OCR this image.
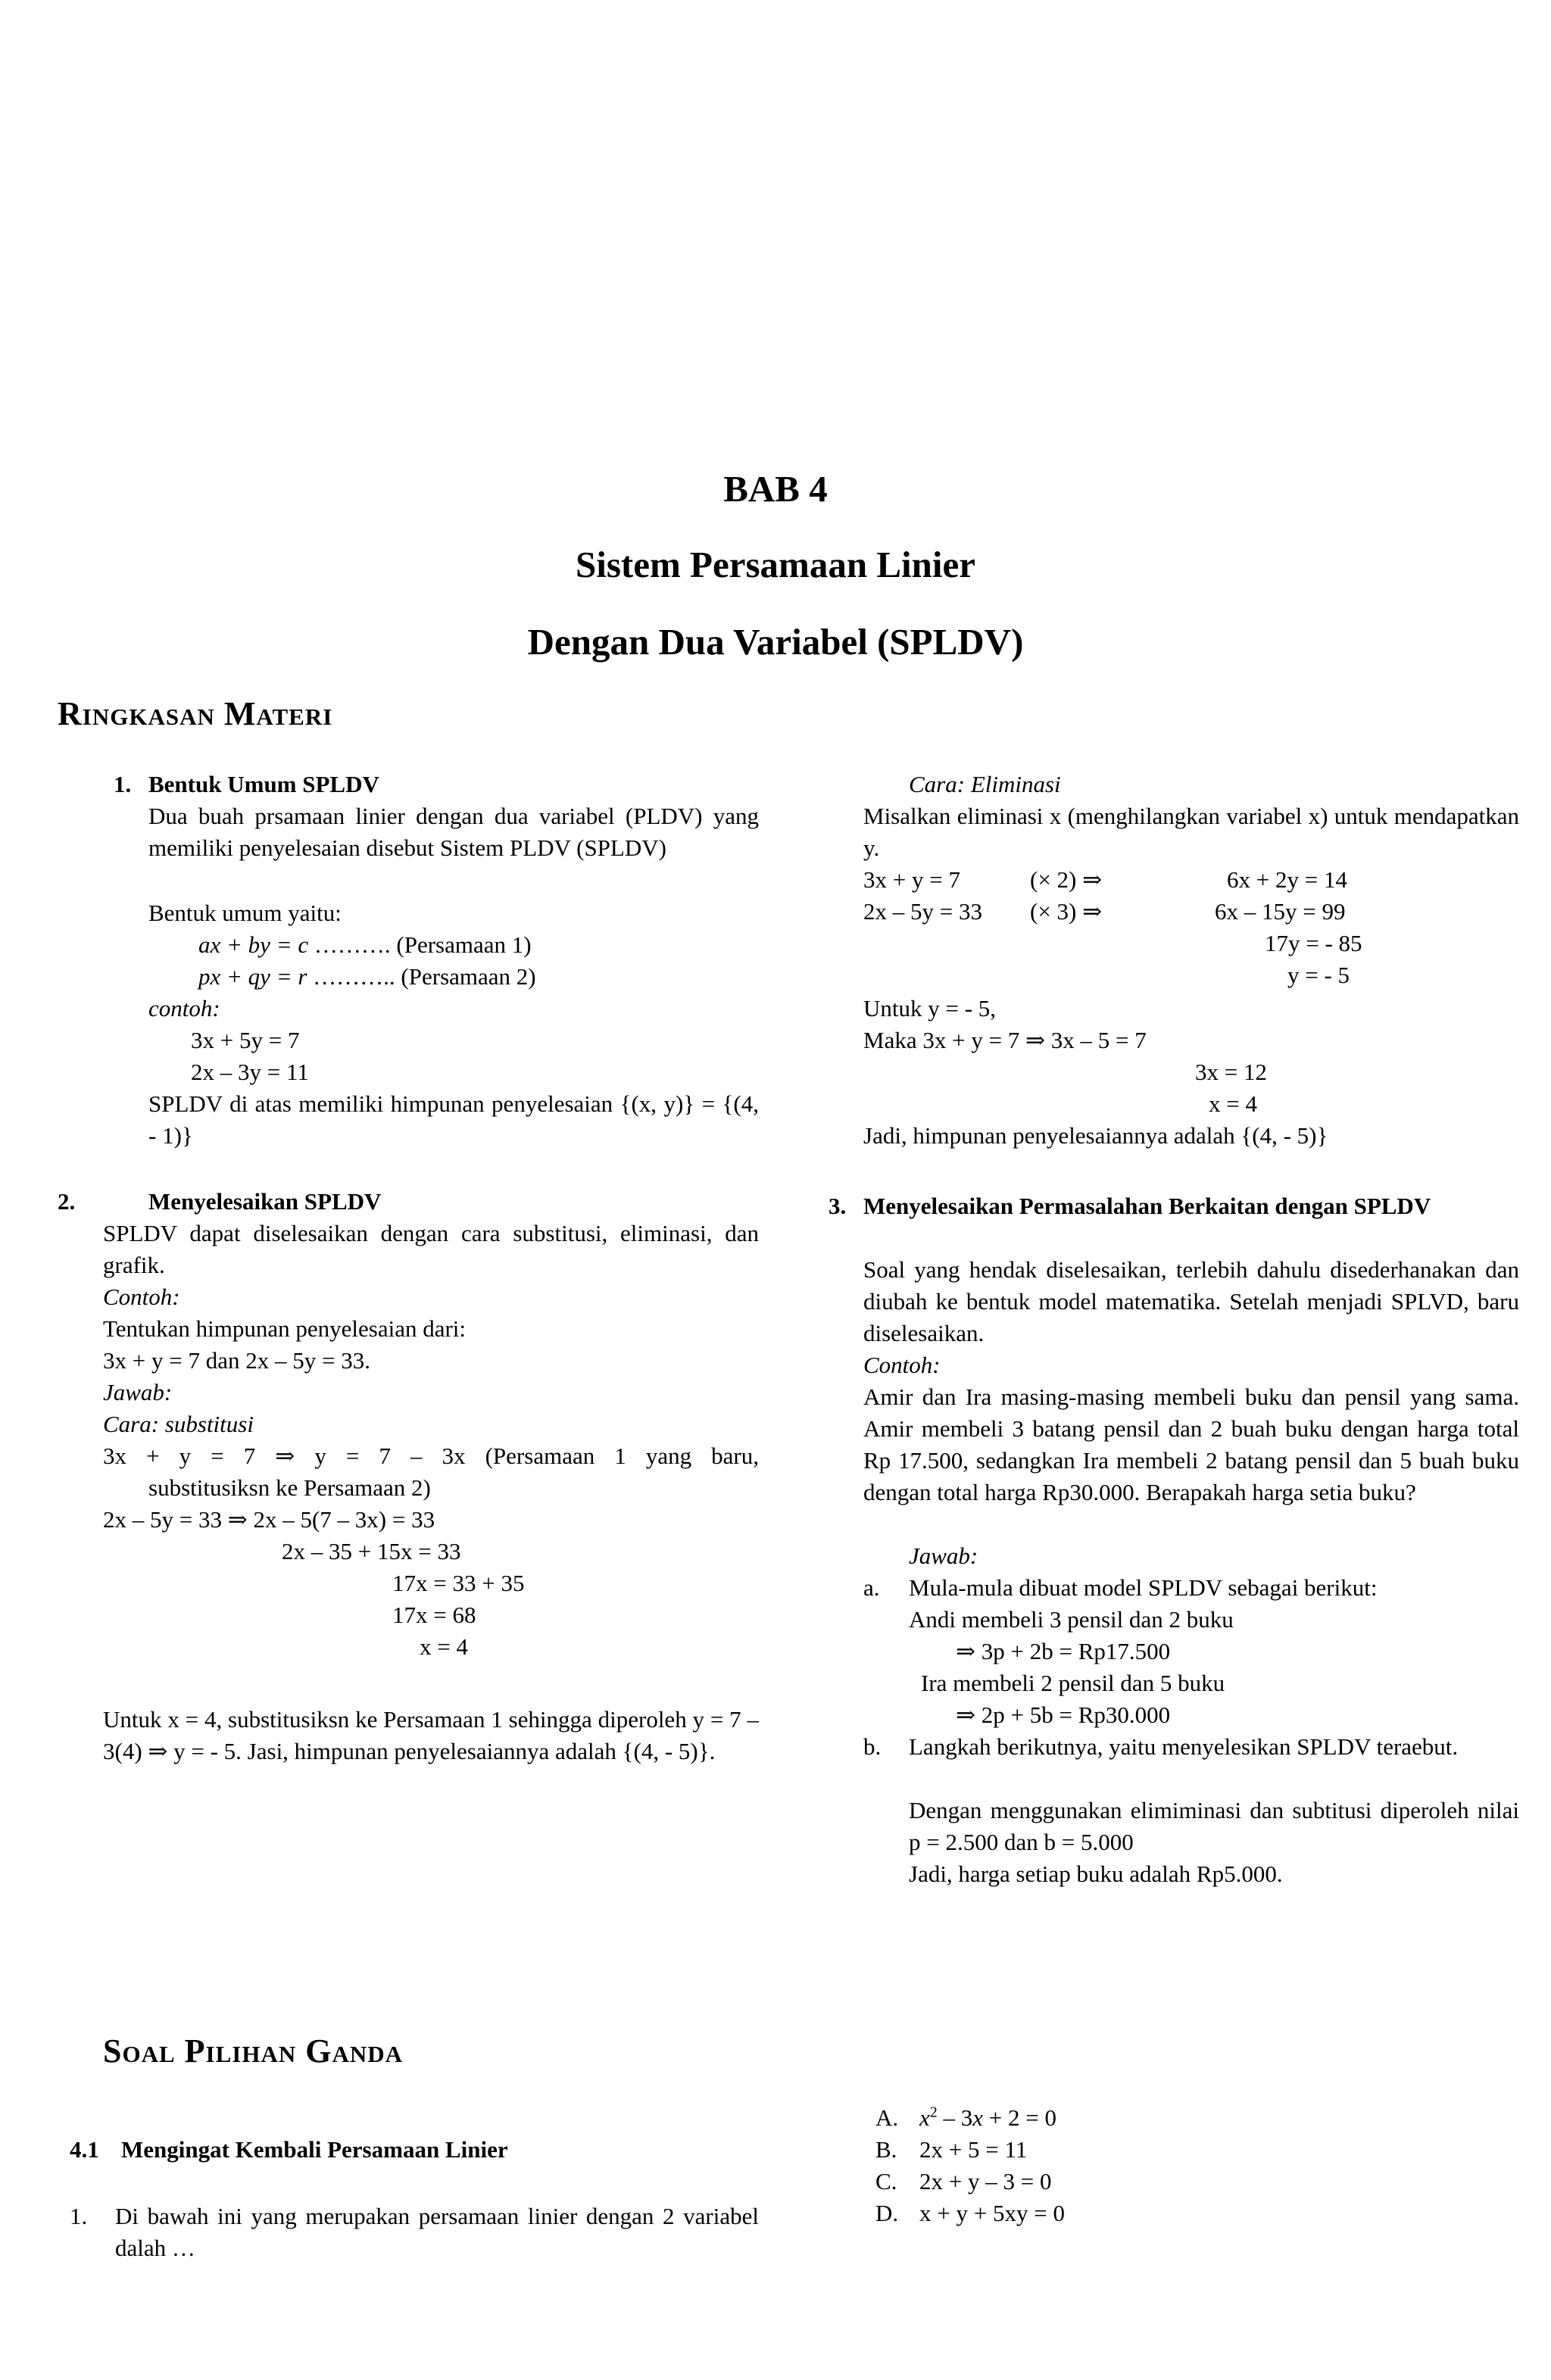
BAB 4
Sistem Persamaan Linier
Dengan Dua Variabel (SPLDV)
Ringkasan Materi
1. Bentuk Umum SPLDV
Dua buah prsamaan linier dengan dua variabel (PLDV) yang memiliki penyelesaian disebut Sistem PLDV (SPLDV)
Bentuk umum yaitu:
ax + by = c ………. (Persamaan 1)
px + qy = r ……….. (Persamaan 2)
contoh:
3x + 5y = 7
2x – 3y = 11
SPLDV di atas memiliki himpunan penyelesaian {(x, y)} = {(4, - 1)}
2.	Menyelesaikan SPLDV
SPLDV dapat diselesaikan dengan cara substitusi, eliminasi, dan grafik.
Contoh:
Tentukan himpunan penyelesaian dari:
3x + y = 7 dan 2x – 5y = 33.
Jawab:
Cara: substitusi
3x + y = 7 ⇒ y = 7 – 3x (Persamaan 1 yang baru,
substitusiksn ke Persamaan 2)
2x – 5y = 33 ⇒ 2x – 5(7 – 3x) = 33
2x – 35 + 15x = 33
17x = 33 + 35
17x = 68
x = 4
Untuk x = 4, substitusiksn ke Persamaan 1 sehingga diperoleh y = 7 – 3(4) ⇒ y = - 5. Jasi, himpunan penyelesaiannya adalah {(4, - 5)}.
Cara: Eliminasi
Misalkan eliminasi x (menghilangkan variabel x) untuk mendapatkan y.
3x + y = 7	(× 2) ⇒	6x + 2y = 14
2x – 5y = 33 (× 3) ⇒	6x – 15y = 99
17y = - 85
y = - 5
Untuk y = - 5,
Maka 3x + y = 7 ⇒ 3x – 5 = 7
3x = 12
x = 4
Jadi, himpunan penyelesaiannya adalah {(4, - 5)}
3. Menyelesaikan Permasalahan Berkaitan dengan SPLDV
Soal yang hendak diselesaikan, terlebih dahulu disederhanakan dan diubah ke bentuk model matematika. Setelah menjadi SPLVD, baru diselesaikan.
Contoh:
Amir dan Ira masing-masing membeli buku dan pensil yang sama. Amir membeli 3 batang pensil dan 2 buah buku dengan harga total Rp 17.500, sedangkan Ira membeli 2 batang pensil dan 5 buah buku dengan total harga Rp30.000. Berapakah harga setia buku?
Jawab:
a. Mula-mula dibuat model SPLDV sebagai berikut:
Andi membeli 3 pensil dan 2 buku
⇒ 3p + 2b = Rp17.500
Ira membeli 2 pensil dan 5 buku
⇒ 2p + 5b = Rp30.000
b. Langkah berikutnya, yaitu menyelesikan SPLDV teraebut.
Dengan menggunakan elimiminasi dan subtitusi diperoleh nilai p = 2.500 dan b = 5.000
Jadi, harga setiap buku adalah Rp5.000.
Soal Pilihan Ganda
4.1 Mengingat Kembali Persamaan Linier
1. Di bawah ini yang merupakan persamaan linier dengan 2 variabel dalah …
A. $x^2 - 3x + 2 = 0$
B. 2x + 5 = 11
C. 2x + y – 3 = 0
D. x + y + 5xy = 0
